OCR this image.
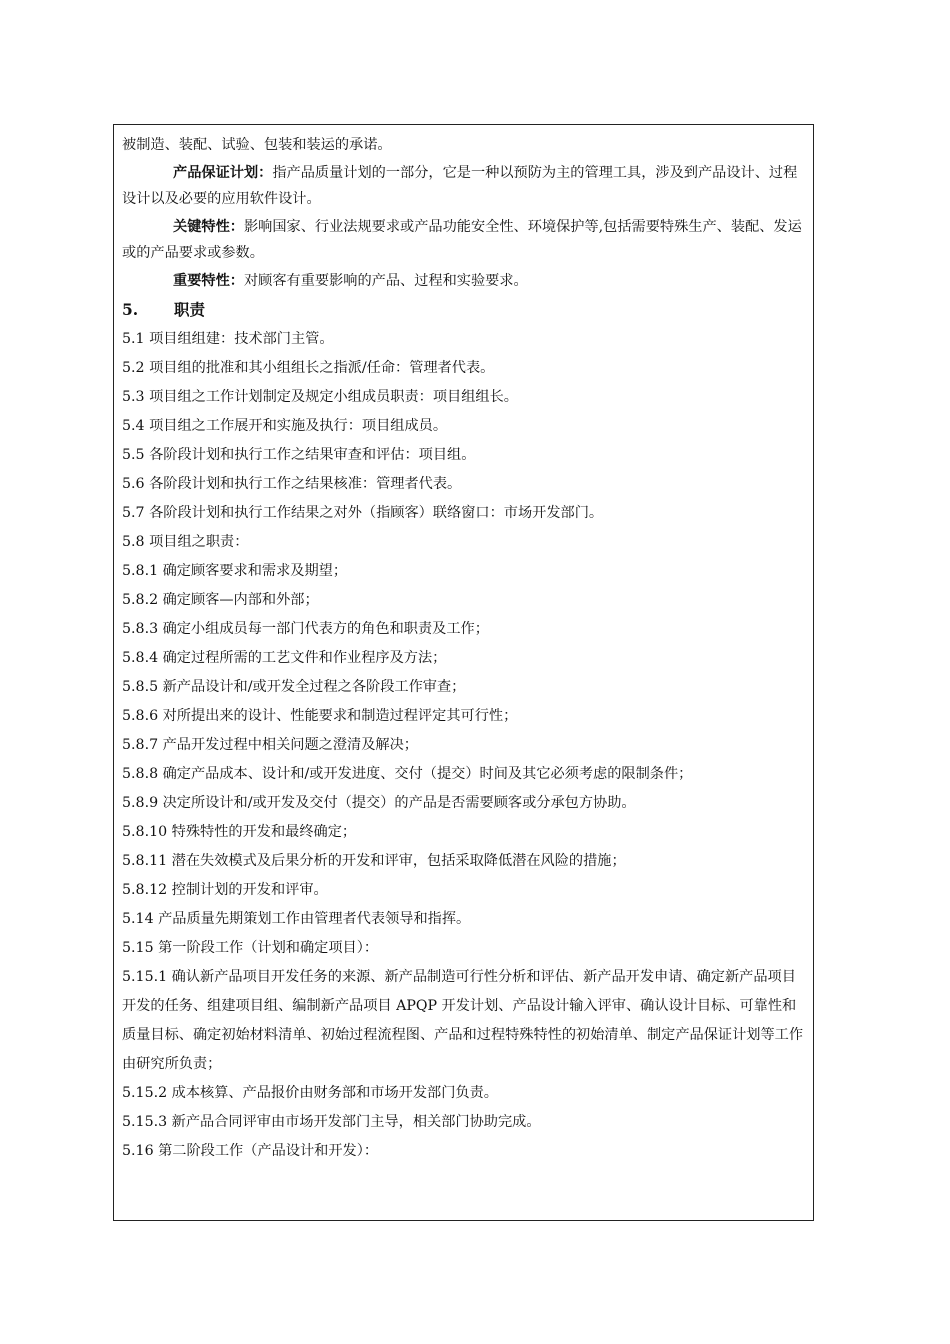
被制造、装配、试验、包装和装运的承诺。

产品保证计划：指产品质量计划的一部分，它是一种以预防为主的管理工具，涉及到产品设计、过程设计以及必要的应用软件设计。

关键特性：影响国家、行业法规要求或产品功能安全性、环境保护等,包括需要特殊生产、装配、发运或的产品要求或参数。

重要特性：对顾客有重要影响的产品、过程和实验要求。

5. 职责

5.1 项目组组建：技术部门主管。

5.2 项目组的批准和其小组组长之指派/任命：管理者代表。

5.3 项目组之工作计划制定及规定小组成员职责：项目组组长。

5.4 项目组之工作展开和实施及执行：项目组成员。

5.5 各阶段计划和执行工作之结果审查和评估：项目组。

5.6 各阶段计划和执行工作之结果核准：管理者代表。

5.7 各阶段计划和执行工作结果之对外（指顾客）联络窗口：市场开发部门。

5.8 项目组之职责：

5.8.1 确定顾客要求和需求及期望；

5.8.2 确定顾客—内部和外部；

5.8.3 确定小组成员每一部门代表方的角色和职责及工作；

5.8.4 确定过程所需的工艺文件和作业程序及方法；

5.8.5 新产品设计和/或开发全过程之各阶段工作审查；

5.8.6 对所提出来的设计、性能要求和制造过程评定其可行性；

5.8.7 产品开发过程中相关问题之澄清及解决；

5.8.8 确定产品成本、设计和/或开发进度、交付（提交）时间及其它必须考虑的限制条件；

5.8.9 决定所设计和/或开发及交付（提交）的产品是否需要顾客或分承包方协助。

5.8.10 特殊特性的开发和最终确定；

5.8.11 潜在失效模式及后果分析的开发和评审，包括采取降低潜在风险的措施；

5.8.12 控制计划的开发和评审。

5.14 产品质量先期策划工作由管理者代表领导和指挥。

5.15 第一阶段工作（计划和确定项目）：

5.15.1 确认新产品项目开发任务的来源、新产品制造可行性分析和评估、新产品开发申请、确定新产品项目开发的任务、组建项目组、编制新产品项目 APQP 开发计划、产品设计输入评审、确认设计目标、可靠性和质量目标、确定初始材料清单、初始过程流程图、产品和过程特殊特性的初始清单、制定产品保证计划等工作由研究所负责；

5.15.2 成本核算、产品报价由财务部和市场开发部门负责。

5.15.3 新产品合同评审由市场开发部门主导，相关部门协助完成。

5.16 第二阶段工作（产品设计和开发）：
